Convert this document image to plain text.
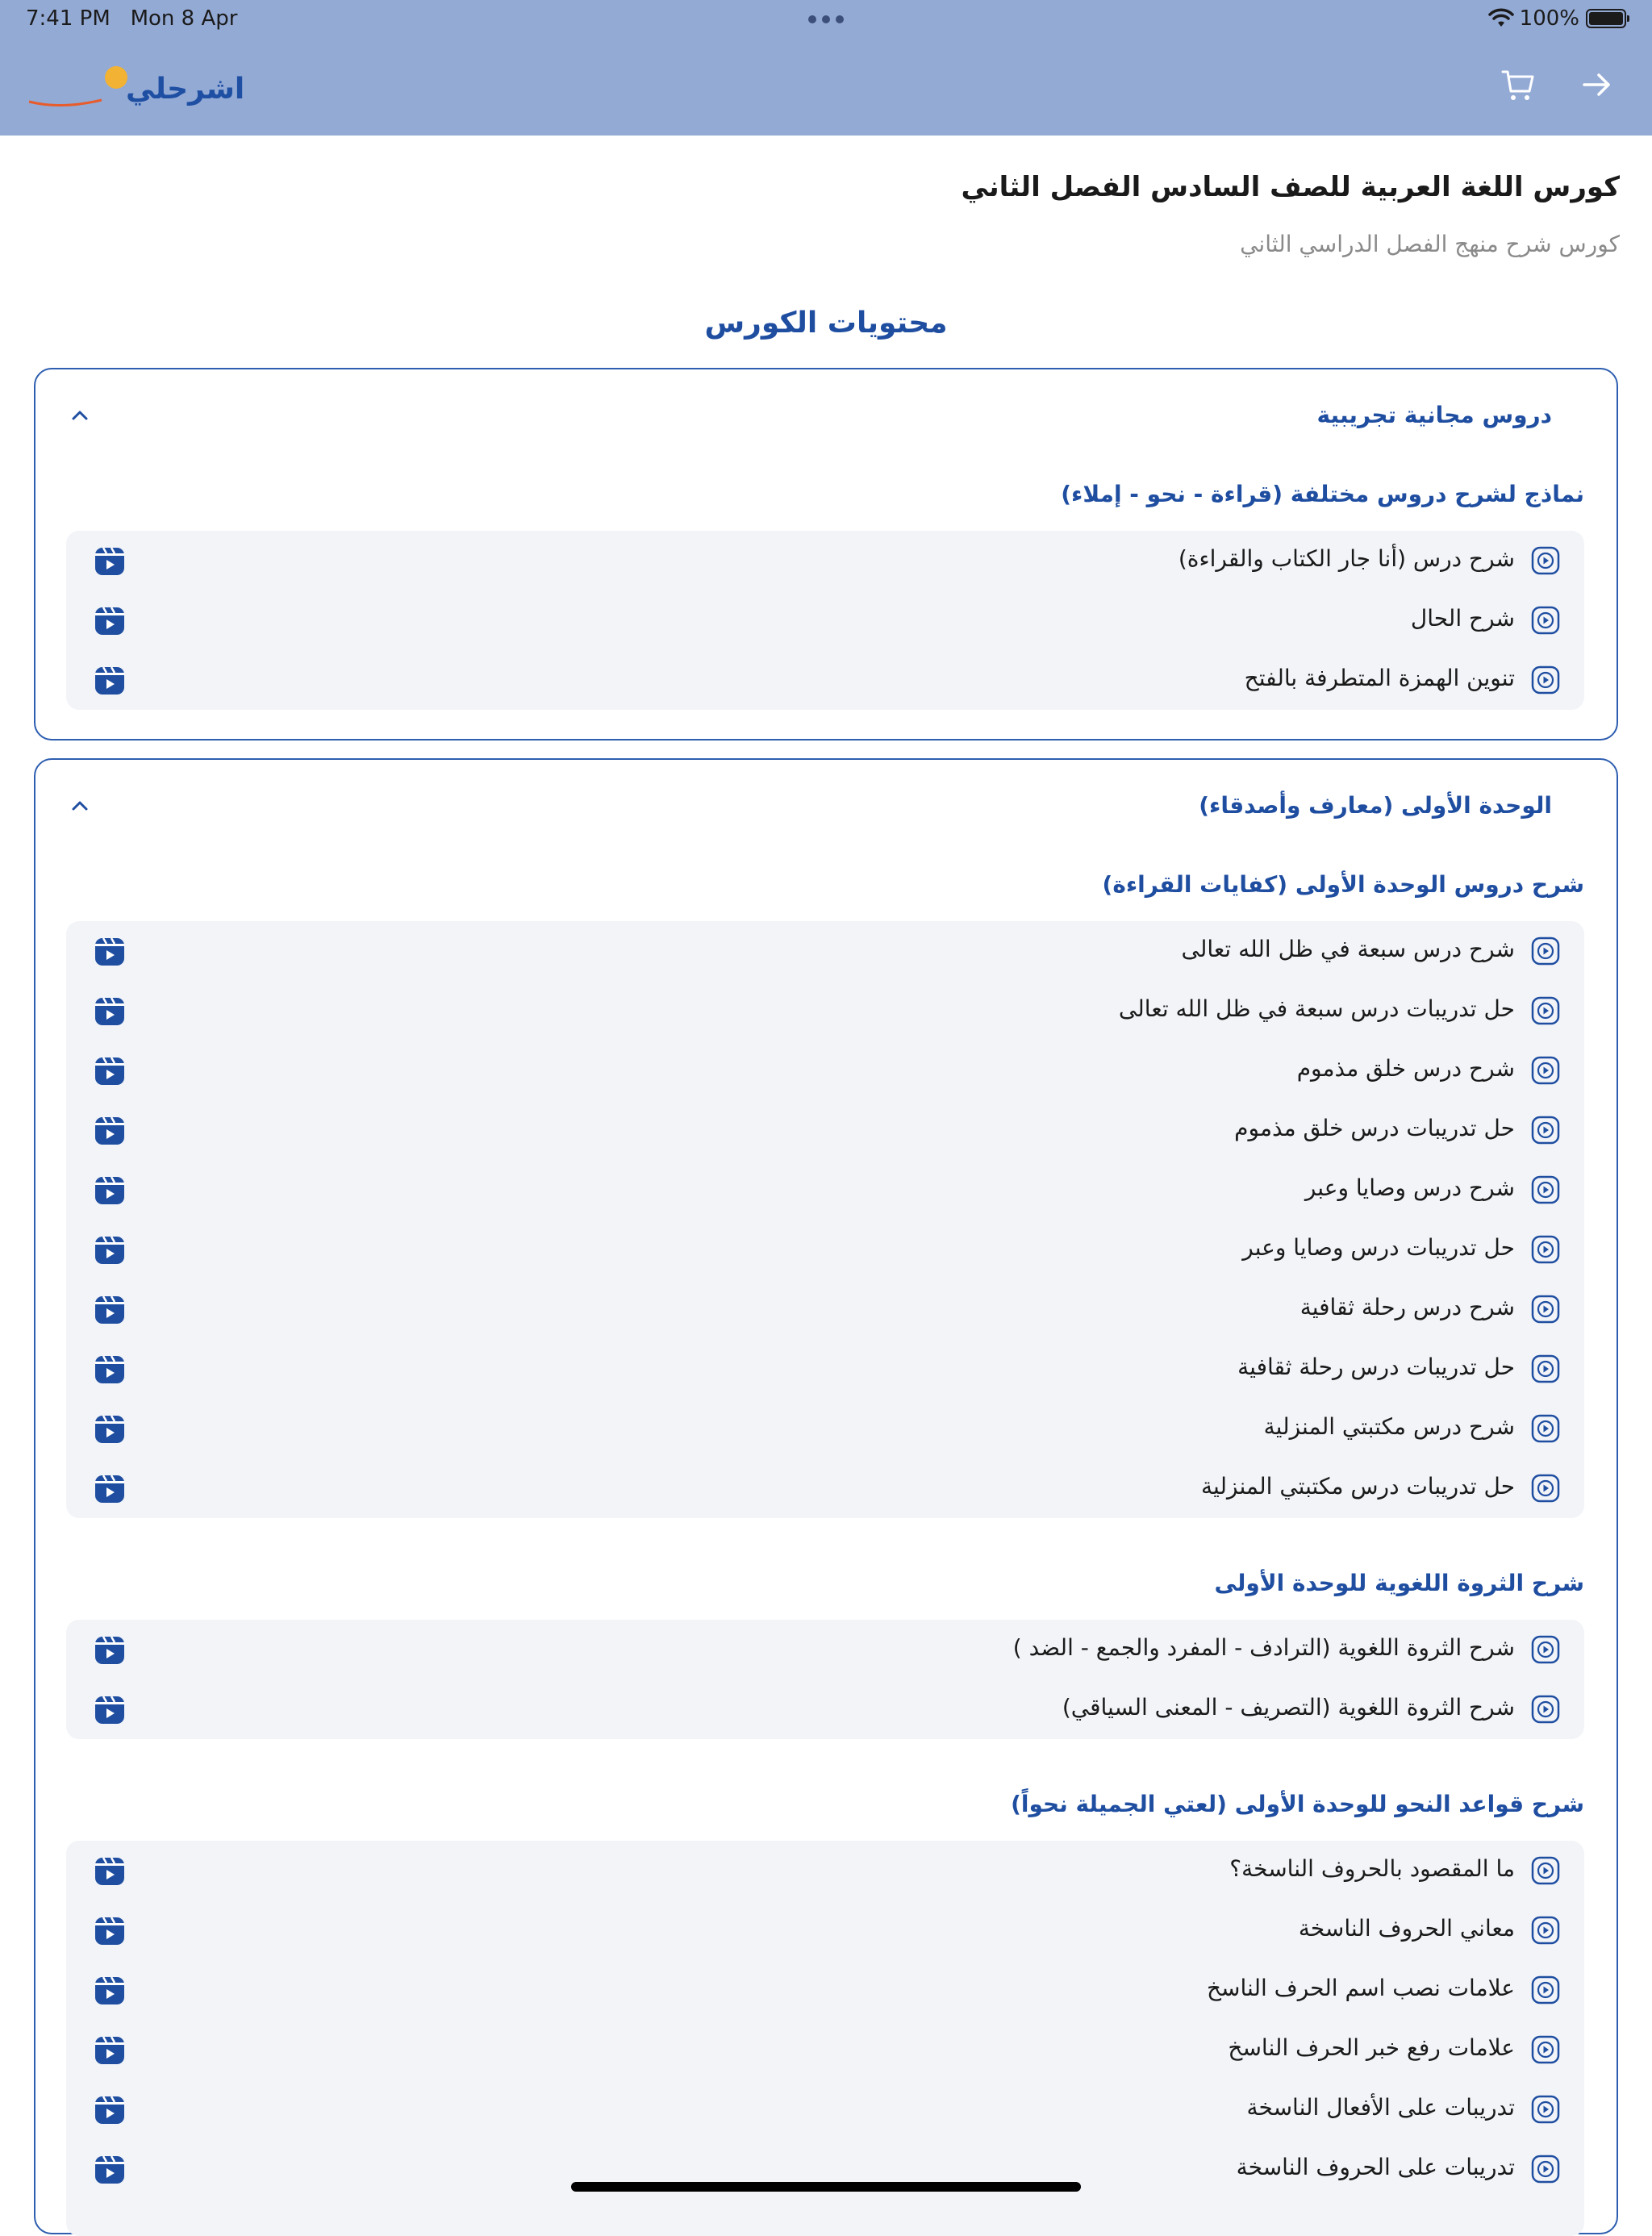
7:41 PM Mon 8 Apr	100%
اشرحلي
كورس اللغة العربية للصف السادس الفصل الثاني
كورس شرح منهج الفصل الدراسي الثاني
محتويات الكورس
دروس مجانية تجريبية
نماذج لشرح دروس مختلفة (قراءة - نحو - إملاء)
شرح درس (أنا جار الكتاب والقراءة)
شرح الحال
تنوين الهمزة المتطرفة بالفتح
الوحدة الأولى (معارف وأصدقاء)
شرح دروس الوحدة الأولى (كفايات القراءة)
شرح درس سبعة في ظل الله تعالى
حل تدريبات درس سبعة في ظل الله تعالى
شرح درس خلق مذموم
حل تدريبات درس خلق مذموم
شرح درس وصايا وعبر
حل تدريبات درس وصايا وعبر
شرح درس رحلة ثقافية
حل تدريبات درس رحلة ثقافية
شرح درس مكتبتي المنزلية
حل تدريبات درس مكتبتي المنزلية
شرح الثروة اللغوية للوحدة الأولى
شرح الثروة اللغوية (الترادف - المفرد والجمع - الضد )
شرح الثروة اللغوية (التصريف - المعنى السياقي)
شرح قواعد النحو للوحدة الأولى (لعتي الجميلة نحواً)
ما المقصود بالحروف الناسخة؟
معاني الحروف الناسخة
علامات نصب اسم الحرف الناسخ
علامات رفع خبر الحرف الناسخ
تدريبات على الأفعال الناسخة
تدريبات على الحروف الناسخة
